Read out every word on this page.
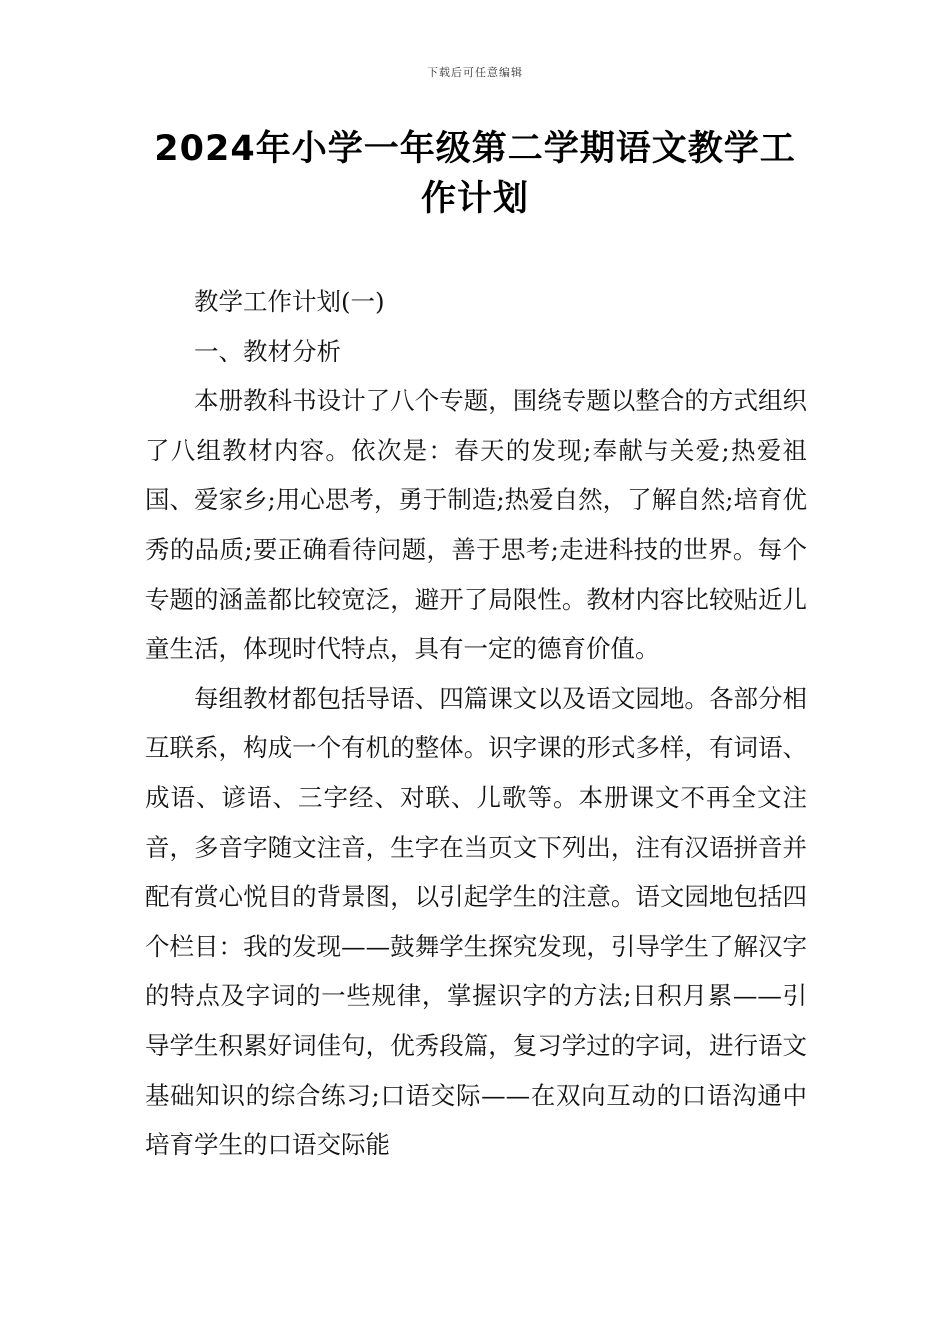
下载后可任意编辑
2024年小学一年级第二学期语文教学工作计划

教学工作计划(一)

一、教材分析

本册教科书设计了八个专题，围绕专题以整合的方式组织了八组教材内容。依次是：春天的发现;奉献与关爱;热爱祖国、爱家乡;用心思考，勇于制造;热爱自然，了解自然;培育优秀的品质;要正确看待问题，善于思考;走进科技的世界。每个专题的涵盖都比较宽泛，避开了局限性。教材内容比较贴近儿童生活，体现时代特点，具有一定的德育价值。

每组教材都包括导语、四篇课文以及语文园地。各部分相互联系，构成一个有机的整体。识字课的形式多样，有词语、成语、谚语、三字经、对联、儿歌等。本册课文不再全文注音，多音字随文注音，生字在当页文下列出，注有汉语拼音并配有赏心悦目的背景图，以引起学生的注意。语文园地包括四个栏目：我的发现——鼓舞学生探究发现，引导学生了解汉字的特点及字词的一些规律，掌握识字的方法;日积月累——引导学生积累好词佳句，优秀段篇，复习学过的字词，进行语文基础知识的综合练习;口语交际——在双向互动的口语沟通中培育学生的口语交际能
